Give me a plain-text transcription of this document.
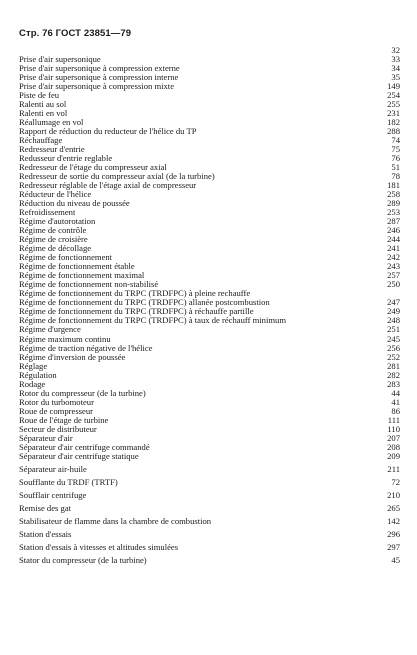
Стр. 76 ГОСТ 23851—79
32
Prise d'air supersonique	33
Prise d'air supersonique à compression externe	34
Prise d'air supersonique à compression interne	35
Prise d'air supersonique à compression mixte	149
Piste de feu	254
Ralenti au sol	255
Ralenti en vol	231
Réallumage en vol	182
Rapport de réduction du reducteur de l'hélice du TP	288
Réchauffage	74
Redresseur d'entrie	75
Redusseur d'entrie reglable	76
Redresseur de l'étage du compresseur axial	51
Redresseur de sortie du compresseur axial (de la turbine)	78
Redresseur réglable de l'étage axial de compresseur	181
Réducteur de l'hélice	258
Réduction du niveau de poussée	289
Refroidissement	253
Régime d'autorotation	287
Régime de contrôle	246
Régime de croisière	244
Régime de décollage	241
Régime de fonctionnement	242
Régime de fonctionnement étable	243
Régime de fonctionnement maximal	257
Régime de fonctionnement non-stabilisé	250
Régime de fonctionnement du TRPC (TRDFPC) à pleine rechauffe
Régime de fonctionnement du TRPC (TRDFPC) allanée postcombustion	247
Régime de fonctionnement du TRPC (TRDFPC) à réchauffe partille	249
Régime de fonctionnement du TRPC (TRDFPC) à taux de réchauff minimum	248
Régime d'urgence	251
Régime maximum continu	245
Régime de traction négative de l'hélice	256
Régime d'inversion de poussée	252
Réglage	281
Régulation	282
Rodage	283
Rotor du compresseur (de la turbine)	44
Rotor du turbomoteur	41
Roue de compresseur	86
Roue de l'étage de turbine	111
Secteur de distributeur	110
Séparateur d'air	207
Séparateur d'air centrifuge commandé	208
Séparateur d'air centrifuge statique	209
Séparateur air-huile	211
Soufflante du TRDF (TRTF)	72
Soufflair centrifuge	210
Remise des gat	265
Stabilisateur de flamme dans la chambre de combustion	142
Station d'essais	296
Station d'essais à vitesses et altitudes simulées	297
Stator du compresseur (de la turbine)	45
